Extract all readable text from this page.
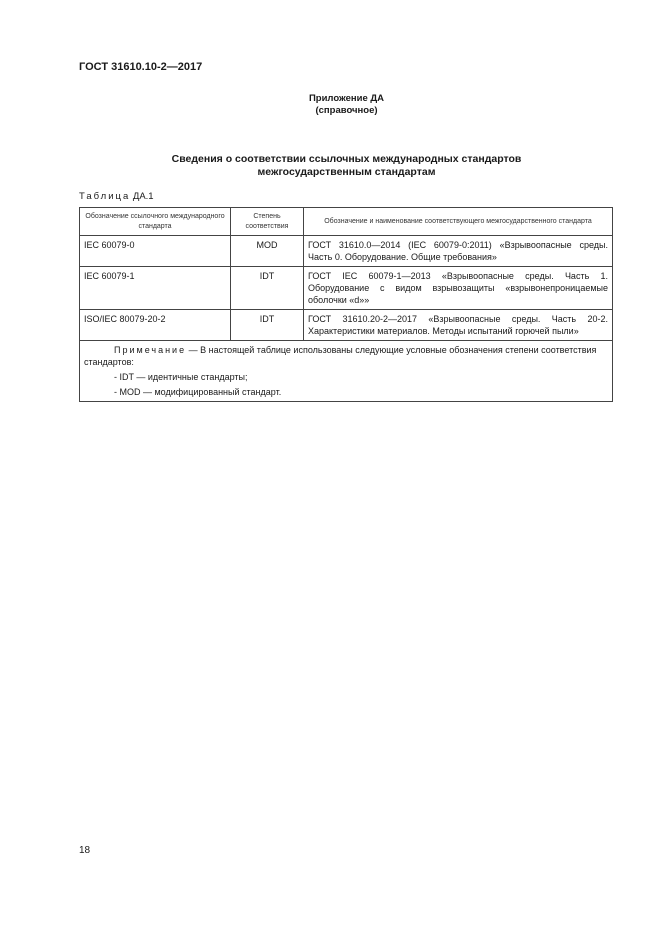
ГОСТ 31610.10-2—2017
Приложение ДА
(справочное)
Сведения о соответствии ссылочных международных стандартов
межгосударственным стандартам
Таблица ДА.1
Обозначение ссылочного международного стандарта	Степень соответствия	Обозначение и наименование соответствующего межгосударственного стандарта
IEC 60079-0	MOD	ГОСТ 31610.0—2014 (IEC 60079-0:2011) «Взрывоопасные среды. Часть 0. Оборудование. Общие требования»
IEC 60079-1	IDT	ГОСТ IEC 60079-1—2013 «Взрывоопасные среды. Часть 1. Оборудование с видом взрывозащиты «взрывонепроницаемые оболочки «d»»
ISO/IEC 80079-20-2	IDT	ГОСТ 31610.20-2—2017 «Взрывоопасные среды. Часть 20-2. Характеристики материалов. Методы испытаний горючей пыли»

Примечание — В настоящей таблице использованы следующие условные обозначения степени соответствия стандартов:
- IDT — идентичные стандарты;
- MOD — модифицированный стандарт.		
18
